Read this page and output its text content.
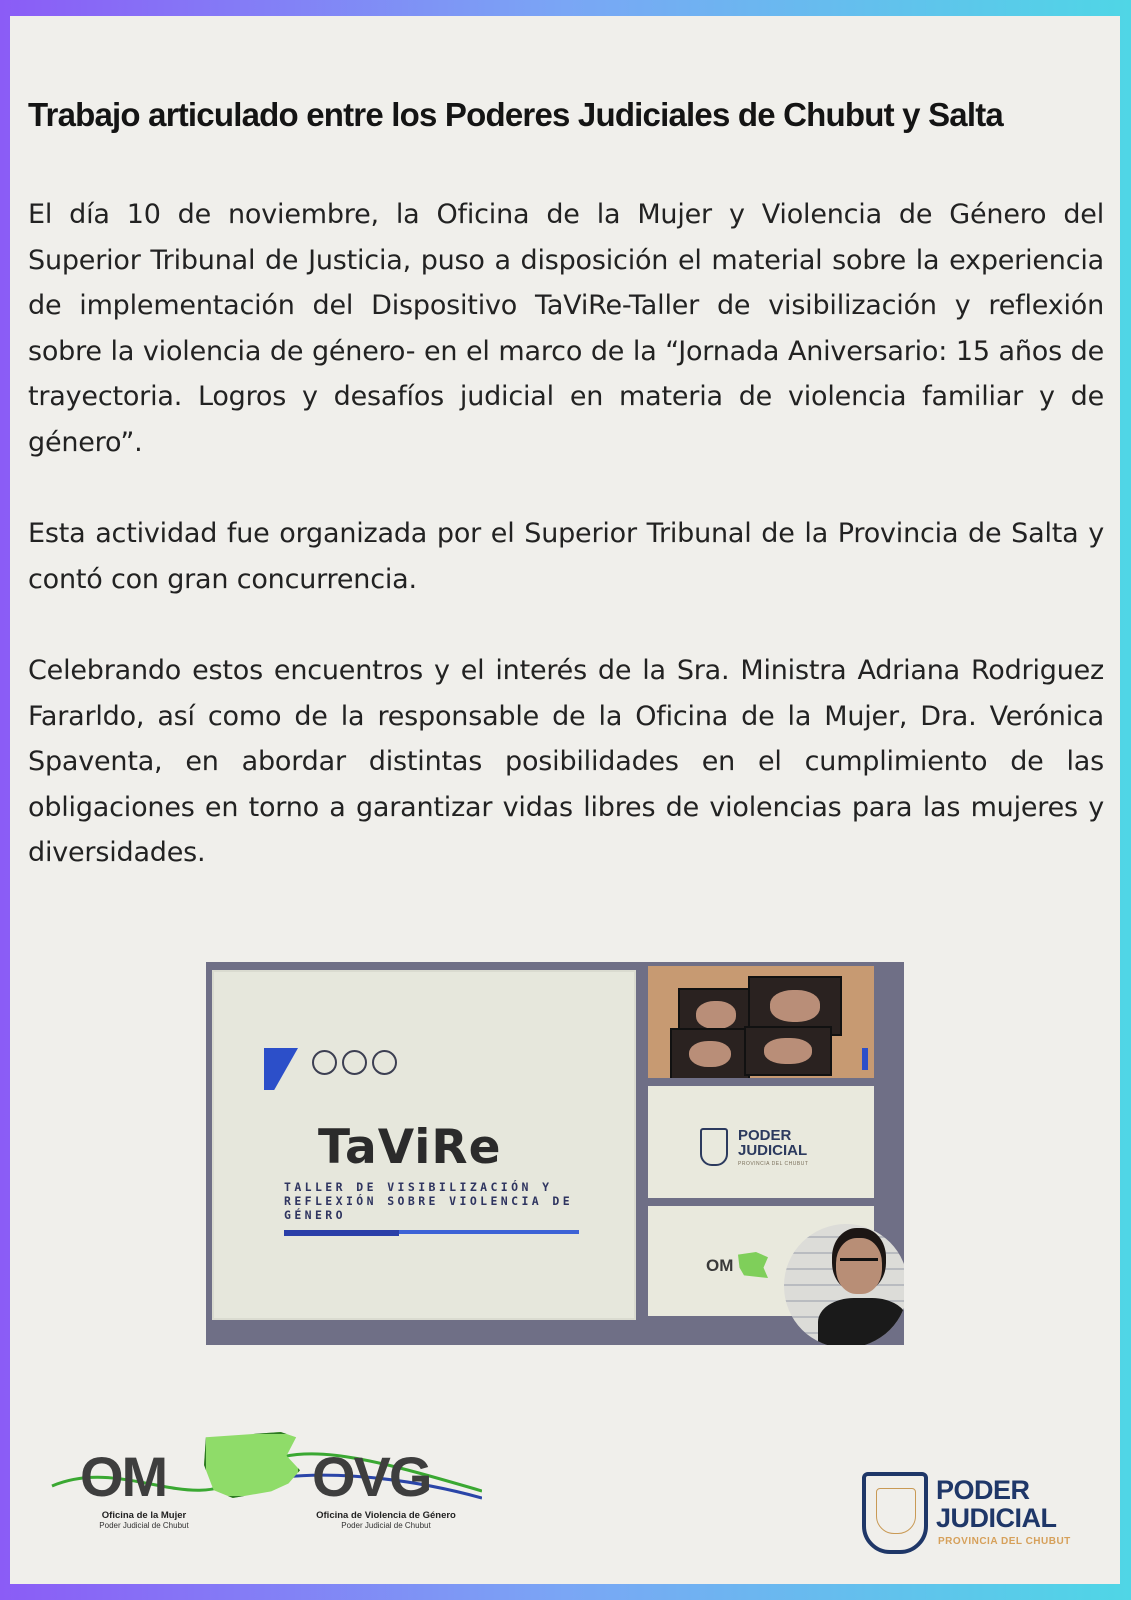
Trabajo articulado entre los Poderes Judiciales de Chubut y Salta

El día 10 de noviembre, la Oficina de la Mujer y Violencia de Género del Superior Tribunal de Justicia, puso a disposición el material sobre la experiencia de implementación del Dispositivo TaViRe-Taller de visibilización y reflexión sobre la violencia de género- en el marco de la “Jornada Aniversario: 15 años de trayectoria. Logros y desafíos judicial en materia de violencia familiar y de género”.

Esta actividad fue organizada por el Superior Tribunal de la Provincia de Salta y contó con gran concurrencia.

Celebrando estos encuentros y el interés de la Sra. Ministra Adriana Rodriguez Fararldo, así como de la responsable de la Oficina de la Mujer, Dra. Verónica Spaventa, en abordar distintas posibilidades en el cumplimiento de las obligaciones en torno a garantizar vidas libres de violencias para las mujeres y diversidades.

TaViRe
TALLER DE VISIBILIZACIÓN Y REFLEXIÓN SOBRE VIOLENCIA DE GÉNERO
PODER
JUDICIAL
PROVINCIA DEL CHUBUT
OM
OM	OVG
Oficina de la Mujer
Poder Judicial de Chubut
Oficina de Violencia de Género
Poder Judicial de Chubut
PODER
JUDICIAL
PROVINCIA DEL CHUBUT
